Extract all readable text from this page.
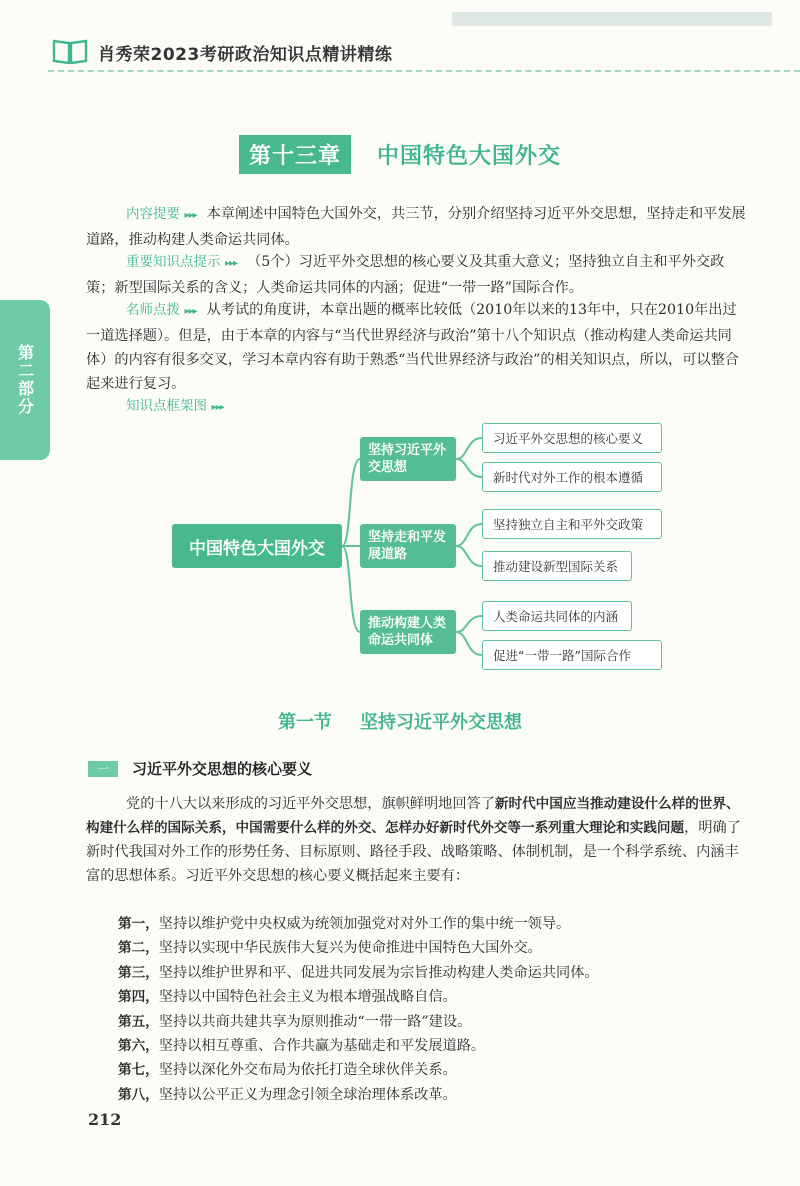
肖秀荣2023考研政治知识点精讲精练
第二部分
第十三章 中国特色大国外交
内容提要 ▸▸▸ 本章阐述中国特色大国外交，共三节，分别介绍坚持习近平外交思想，坚持走和平发展道路，推动构建人类命运共同体。
重要知识点提示 ▸▸▸ （5个）习近平外交思想的核心要义及其重大意义；坚持独立自主和平外交政策；新型国际关系的含义；人类命运共同体的内涵；促进“一带一路”国际合作。
名师点拨 ▸▸▸ 从考试的角度讲，本章出题的概率比较低（2010年以来的13年中，只在2010年出过一道选择题）。但是，由于本章的内容与“当代世界经济与政治”第十八个知识点（推动构建人类命运共同体）的内容有很多交叉，学习本章内容有助于熟悉“当代世界经济与政治”的相关知识点，所以，可以整合起来进行复习。
知识点框架图 ▸▸▸
中国特色大国外交
坚持习近平外交思想
坚持走和平发展道路
推动构建人类命运共同体
习近平外交思想的核心要义
新时代对外工作的根本遵循
坚持独立自主和平外交政策
推动建设新型国际关系
人类命运共同体的内涵
促进“一带一路”国际合作
第一节 坚持习近平外交思想
一 习近平外交思想的核心要义
党的十八大以来形成的习近平外交思想，旗帜鲜明地回答了新时代中国应当推动建设什么样的世界、构建什么样的国际关系，中国需要什么样的外交、怎样办好新时代外交等一系列重大理论和实践问题，明确了新时代我国对外工作的形势任务、目标原则、路径手段、战略策略、体制机制，是一个科学系统、内涵丰富的思想体系。习近平外交思想的核心要义概括起来主要有：
第一，坚持以维护党中央权威为统领加强党对对外工作的集中统一领导。
第二，坚持以实现中华民族伟大复兴为使命推进中国特色大国外交。
第三，坚持以维护世界和平、促进共同发展为宗旨推动构建人类命运共同体。
第四，坚持以中国特色社会主义为根本增强战略自信。
第五，坚持以共商共建共享为原则推动“一带一路”建设。
第六，坚持以相互尊重、合作共赢为基础走和平发展道路。
第七，坚持以深化外交布局为依托打造全球伙伴关系。
第八，坚持以公平正义为理念引领全球治理体系改革。
212
